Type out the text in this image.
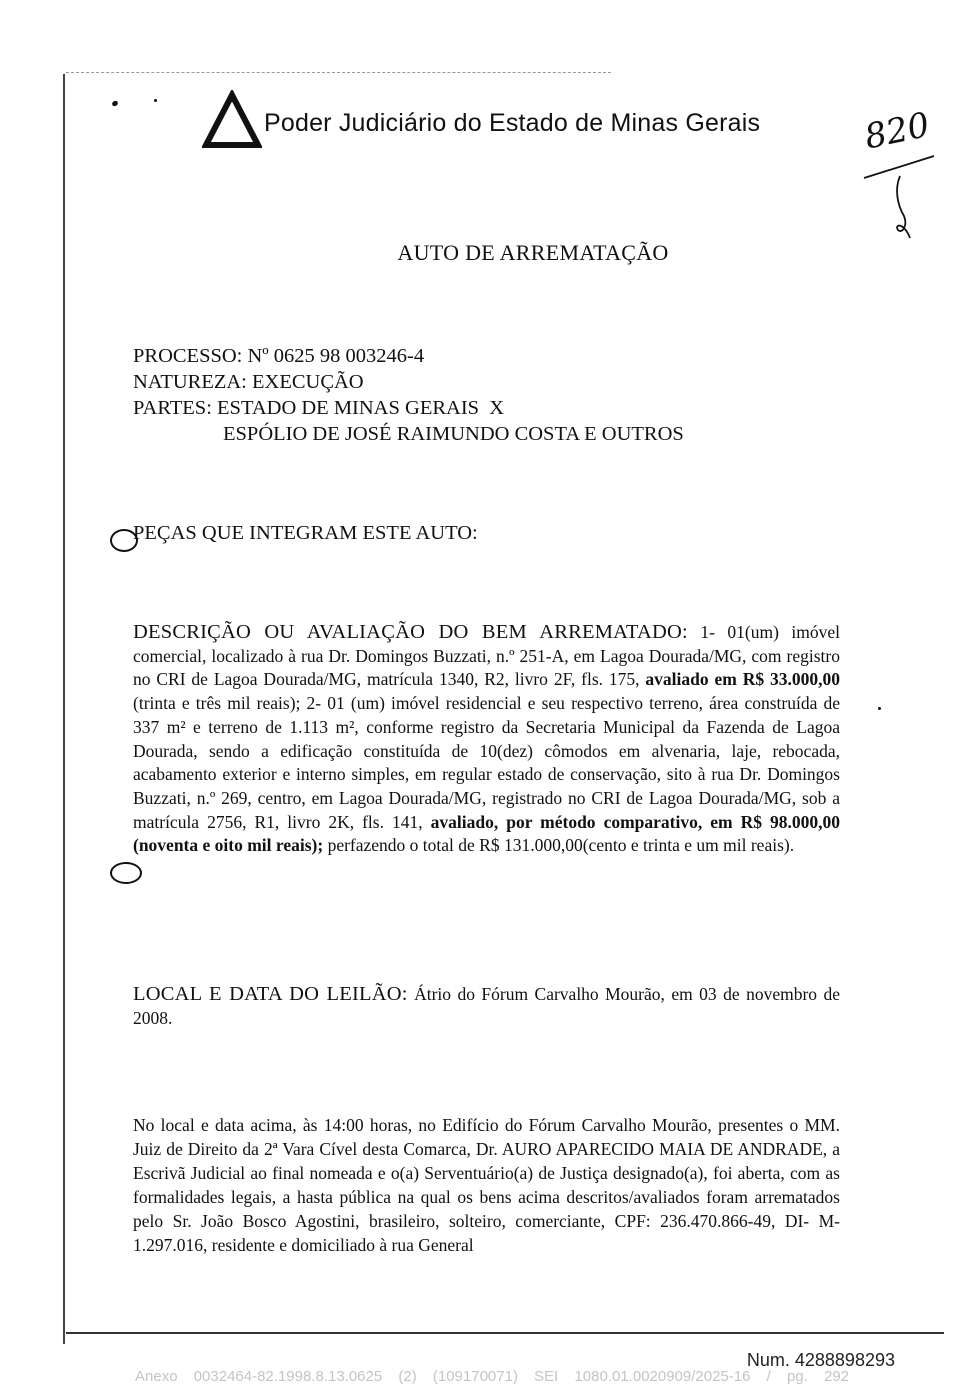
Poder Judiciário do Estado de Minas Gerais	820
AUTO DE ARREMATAÇÃO
PROCESSO: Nº 0625 98 003246-4
NATUREZA: EXECUÇÃO
PARTES: ESTADO DE MINAS GERAIS  X
ESPÓLIO DE JOSÉ RAIMUNDO COSTA E OUTROS
PEÇAS QUE INTEGRAM ESTE AUTO:

DESCRIÇÃO OU AVALIAÇÃO DO BEM ARREMATADO: 1- 01(um) imóvel comercial, localizado à rua Dr. Domingos Buzzati, n.º 251-A, em Lagoa Dourada/MG, com registro no CRI de Lagoa Dourada/MG, matrícula 1340, R2, livro 2F, fls. 175, avaliado em R$ 33.000,00 (trinta e três mil reais); 2- 01 (um) imóvel residencial e seu respectivo terreno, área construída de 337 m² e terreno de 1.113 m², conforme registro da Secretaria Municipal da Fazenda de Lagoa Dourada, sendo a edificação constituída de 10(dez) cômodos em alvenaria, laje, rebocada, acabamento exterior e interno simples, em regular estado de conservação, sito à rua Dr. Domingos Buzzati, n.º 269, centro, em Lagoa Dourada/MG, registrado no CRI de Lagoa Dourada/MG, sob a matrícula 2756, R1, livro 2K, fls. 141, avaliado, por método comparativo, em R$ 98.000,00 (noventa e oito mil reais); perfazendo o total de R$ 131.000,00(cento e trinta e um mil reais).

LOCAL E DATA DO LEILÃO: Átrio do Fórum Carvalho Mourão, em 03 de novembro de 2008.

No local e data acima, às 14:00 horas, no Edifício do Fórum Carvalho Mourão, presentes o MM. Juiz de Direito da 2ª Vara Cível desta Comarca, Dr. AURO APARECIDO MAIA DE ANDRADE, a Escrivã Judicial ao final nomeada e o(a) Serventuário(a) de Justiça designado(a), foi aberta, com as formalidades legais, a hasta pública na qual os bens acima descritos/avaliados foram arrematados pelo Sr. João Bosco Agostini, brasileiro, solteiro, comerciante, CPF: 236.470.866-49, DI- M-1.297.016, residente e domiciliado à rua General

Num. 4288898293
Anexo 0032464-82.1998.8.13.0625 (2) (109170071) SEI 1080.01.0020909/2025-16 / pg. 292
